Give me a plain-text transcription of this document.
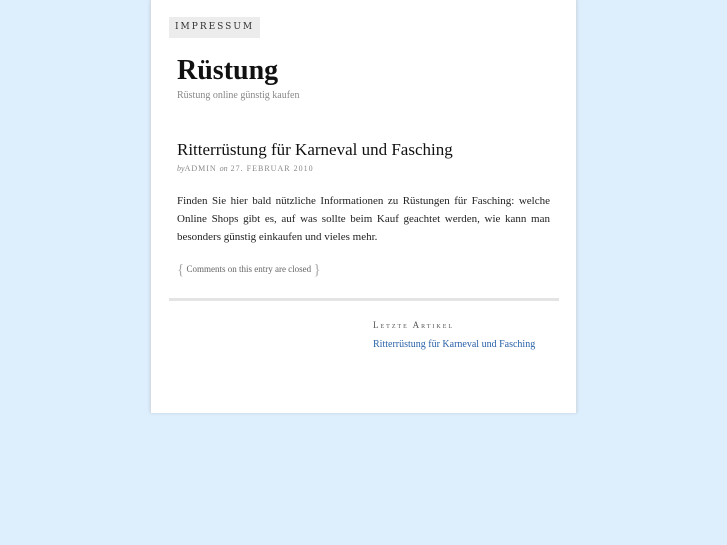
IMPRESSUM
Rüstung
Rüstung online günstig kaufen
Ritterrüstung für Karneval und Fasching
byADMIN on 27. FEBRUAR 2010

Finden Sie hier bald nützliche Informationen zu Rüstungen für Fasching: welche Online Shops gibt es, auf was sollte beim Kauf geachtet werden, wie kann man besonders günstig einkaufen und vieles mehr.

{ Comments on this entry are closed }
Letzte Artikel
Ritterrüstung für Karneval und Fasching
